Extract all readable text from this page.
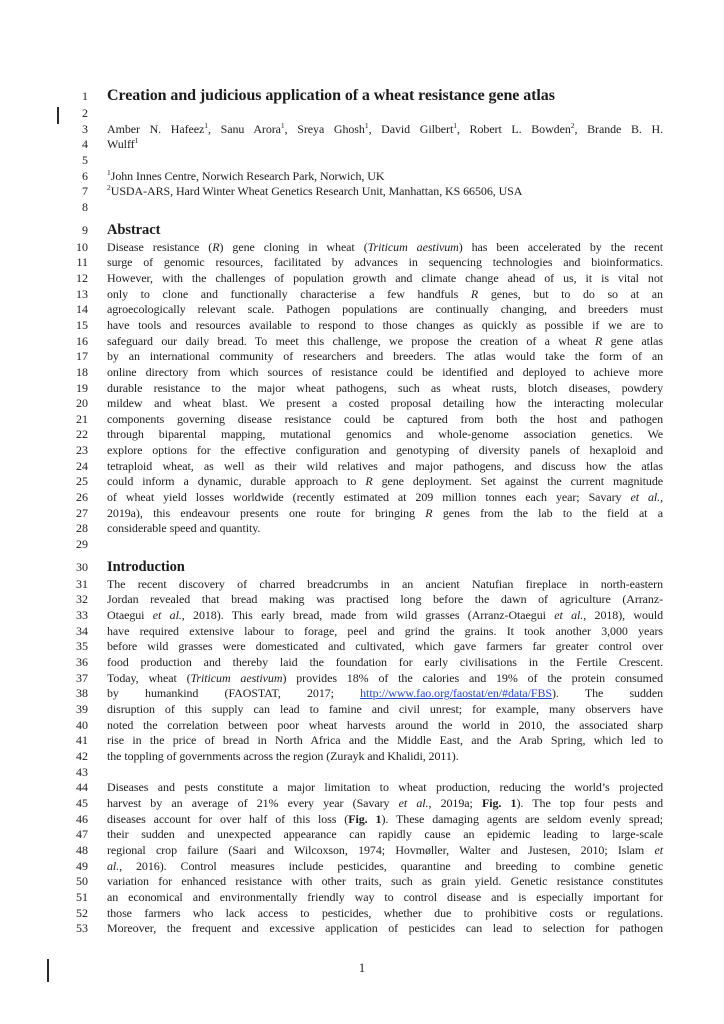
1 Creation and judicious application of a wheat resistance gene atlas
2
3 Amber N. Hafeez$^1$, Sanu Arora$^1$, Sreya Ghosh$^1$, David Gilbert$^1$, Robert L. Bowden$^2$, Brande B. H.
4 Wulff$^1$
5
6	$^1$John Innes Centre, Norwich Research Park, Norwich, UK
7	$^2$USDA-ARS, Hard Winter Wheat Genetics Research Unit, Manhattan, KS 66506, USA
8
9 Abstract
10 Disease resistance (R) gene cloning in wheat (Triticum aestivum) has been accelerated by the recent
11 surge of genomic resources, facilitated by advances in sequencing technologies and bioinformatics.
12 However, with the challenges of population growth and climate change ahead of us, it is vital not
13 only to clone and functionally characterise a few handfuls R genes, but to do so at an
14 agroecologically relevant scale. Pathogen populations are continually changing, and breeders must
15 have tools and resources available to respond to those changes as quickly as possible if we are to
16 safeguard our daily bread. To meet this challenge, we propose the creation of a wheat R gene atlas
17 by an international community of researchers and breeders. The atlas would take the form of an
18 online directory from which sources of resistance could be identified and deployed to achieve more
19 durable resistance to the major wheat pathogens, such as wheat rusts, blotch diseases, powdery
20 mildew and wheat blast. We present a costed proposal detailing how the interacting molecular
21 components governing disease resistance could be captured from both the host and pathogen
22 through biparental mapping, mutational genomics and whole-genome association genetics. We
23 explore options for the effective configuration and genotyping of diversity panels of hexaploid and
24 tetraploid wheat, as well as their wild relatives and major pathogens, and discuss how the atlas
25 could inform a dynamic, durable approach to R gene deployment. Set against the current magnitude
26 of wheat yield losses worldwide (recently estimated at 209 million tonnes each year; Savary et al.,
27 2019a), this endeavour presents one route for bringing R genes from the lab to the field at a
28 considerable speed and quantity.
29
30 Introduction
31 The recent discovery of charred breadcrumbs in an ancient Natufian fireplace in north-eastern
32 Jordan revealed that bread making was practised long before the dawn of agriculture (Arranz-
33 Otaegui et al., 2018). This early bread, made from wild grasses (Arranz-Otaegui et al., 2018), would
34 have required extensive labour to forage, peel and grind the grains. It took another 3,000 years
35 before wild grasses were domesticated and cultivated, which gave farmers far greater control over
36 food production and thereby laid the foundation for early civilisations in the Fertile Crescent.
37 Today, wheat (Triticum aestivum) provides 18% of the calories and 19% of the protein consumed
38 by humankind (FAOSTAT, 2017; http://www.fao.org/faostat/en/#data/FBS). The sudden
39 disruption of this supply can lead to famine and civil unrest; for example, many observers have
40 noted the correlation between poor wheat harvests around the world in 2010, the associated sharp
41 rise in the price of bread in North Africa and the Middle East, and the Arab Spring, which led to
42 the toppling of governments across the region (Zurayk and Khalidi, 2011).
43
44 Diseases and pests constitute a major limitation to wheat production, reducing the world’s projected
45 harvest by an average of 21% every year (Savary et al., 2019a; Fig. 1). The top four pests and
46 diseases account for over half of this loss (Fig. 1). These damaging agents are seldom evenly spread;
47 their sudden and unexpected appearance can rapidly cause an epidemic leading to large-scale
48 regional crop failure (Saari and Wilcoxson, 1974; Hovmøller, Walter and Justesen, 2010; Islam et
49 al., 2016). Control measures include pesticides, quarantine and breeding to combine genetic
50 variation for enhanced resistance with other traits, such as grain yield. Genetic resistance constitutes
51 an economical and environmentally friendly way to control disease and is especially important for
52 those farmers who lack access to pesticides, whether due to prohibitive costs or regulations.
53 Moreover, the frequent and excessive application of pesticides can lead to selection for pathogen
1
